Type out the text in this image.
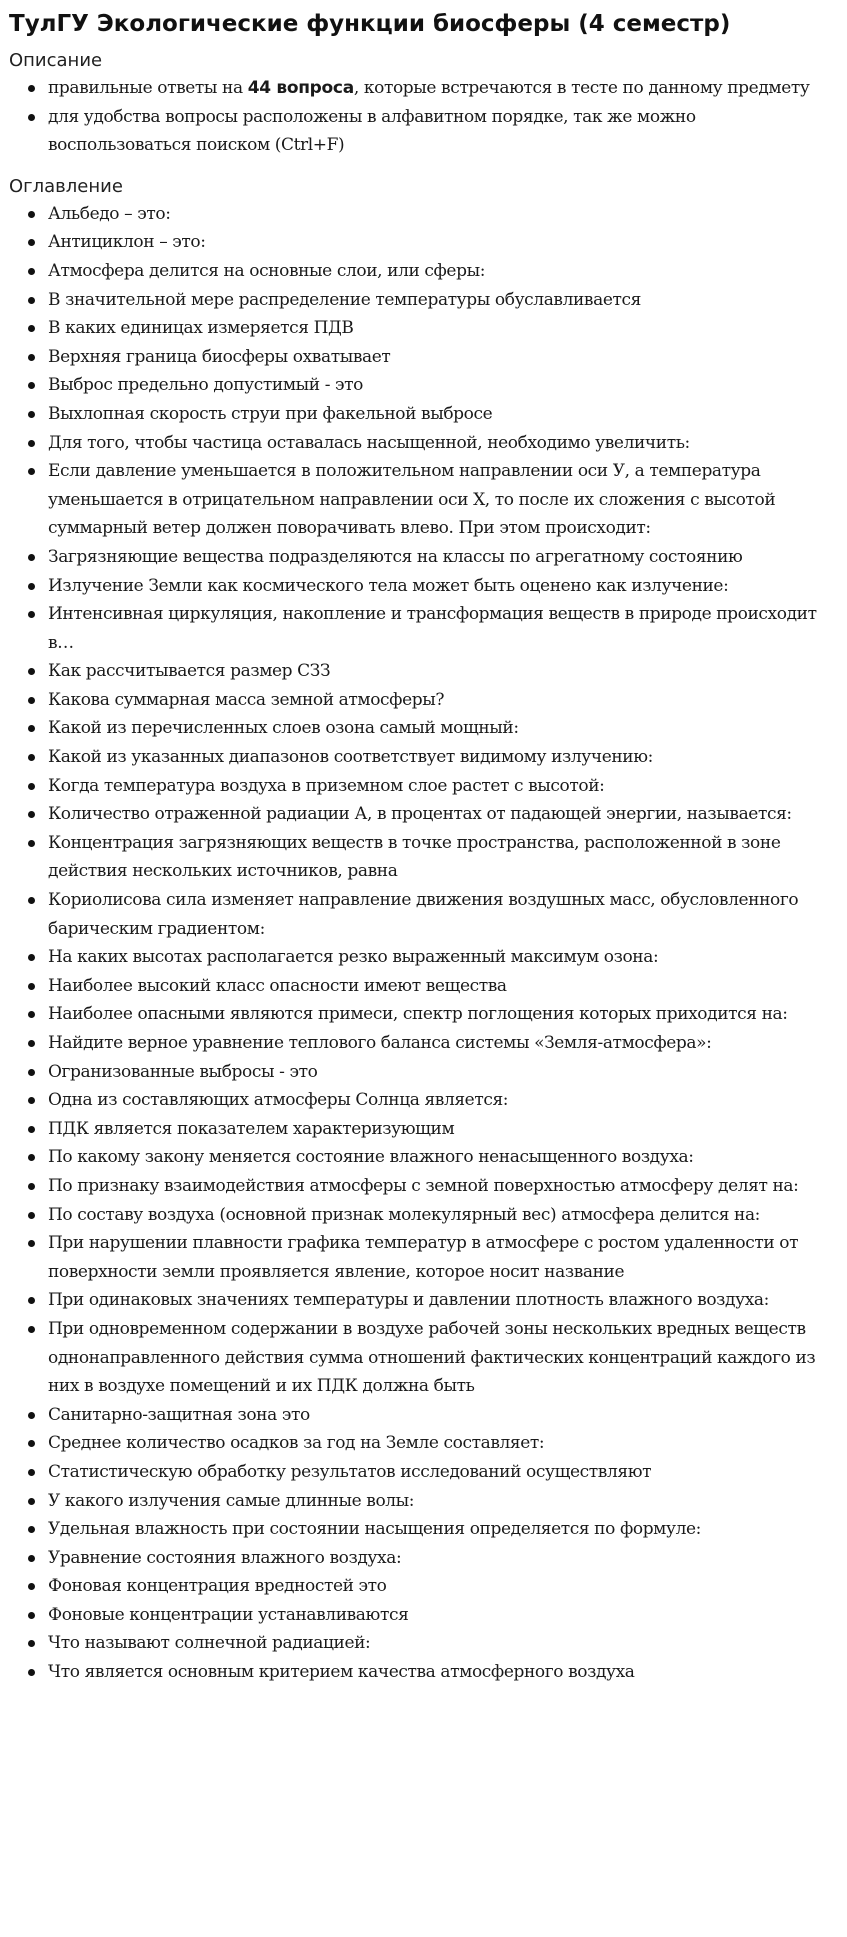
ТулГУ Экологические функции биосферы (4 семестр)
Описание
правильные ответы на 44 вопроса, которые встречаются в тесте по данному предмету
для удобства вопросы расположены в алфавитном порядке, так же можно воспользоваться поиском (Ctrl+F)
Оглавление
Альбедо – это:
Антициклон – это:
Атмосфера делится на основные слои, или сферы:
В значительной мере распределение температуры обуславливается
В каких единицах измеряется ПДВ
Верхняя граница биосферы охватывает
Выброс предельно допустимый - это
Выхлопная скорость струи при факельной выбросе
Для того, чтобы частица оставалась насыщенной, необходимо увеличить:
Если давление уменьшается в положительном направлении оси У, а температура уменьшается в отрицательном направлении оси Х, то после их сложения с высотой суммарный ветер должен поворачивать влево. При этом происходит:
Загрязняющие вещества подразделяются на классы по агрегатному состоянию
Излучение Земли как космического тела может быть оценено как излучение:
Интенсивная циркуляция, накопление и трансформация веществ в природе происходит в…
Как рассчитывается размер СЗЗ
Какова суммарная масса земной атмосферы?
Какой из перечисленных слоев озона самый мощный:
Какой из указанных диапазонов соответствует видимому излучению:
Когда температура воздуха в приземном слое растет с высотой:
Количество отраженной радиации А, в процентах от падающей энергии, называется:
Концентрация загрязняющих веществ в точке пространства, расположенной в зоне действия нескольких источников, равна
Кориолисова сила изменяет направление движения воздушных масс, обусловленного барическим градиентом:
На каких высотах располагается резко выраженный максимум озона:
Наиболее высокий класс опасности имеют вещества
Наиболее опасными являются примеси, спектр поглощения которых приходится на:
Найдите верное уравнение теплового баланса системы «Земля-атмосфера»:
Огранизованные выбросы - это
Одна из составляющих атмосферы Солнца является:
ПДК является показателем характеризующим
По какому закону меняется состояние влажного ненасыщенного воздуха:
По признаку взаимодействия атмосферы с земной поверхностью атмосферу делят на:
По составу воздуха (основной признак молекулярный вес) атмосфера делится на:
При нарушении плавности графика температур в атмосфере с ростом удаленности от поверхности земли проявляется явление, которое носит название
При одинаковых значениях температуры и давлении плотность влажного воздуха:
При одновременном содержании в воздухе рабочей зоны нескольких вредных веществ однонаправленного действия сумма отношений фактических концентраций каждого из них в воздухе помещений и их ПДК должна быть
Санитарно-защитная зона это
Среднее количество осадков за год на Земле составляет:
Статистическую обработку результатов исследований осуществляют
У какого излучения самые длинные волы:
Удельная влажность при состоянии насыщения определяется по формуле:
Уравнение состояния влажного воздуха:
Фоновая концентрация вредностей это
Фоновые концентрации устанавливаются
Что называют солнечной радиацией:
Что является основным критерием качества атмосферного воздуха
